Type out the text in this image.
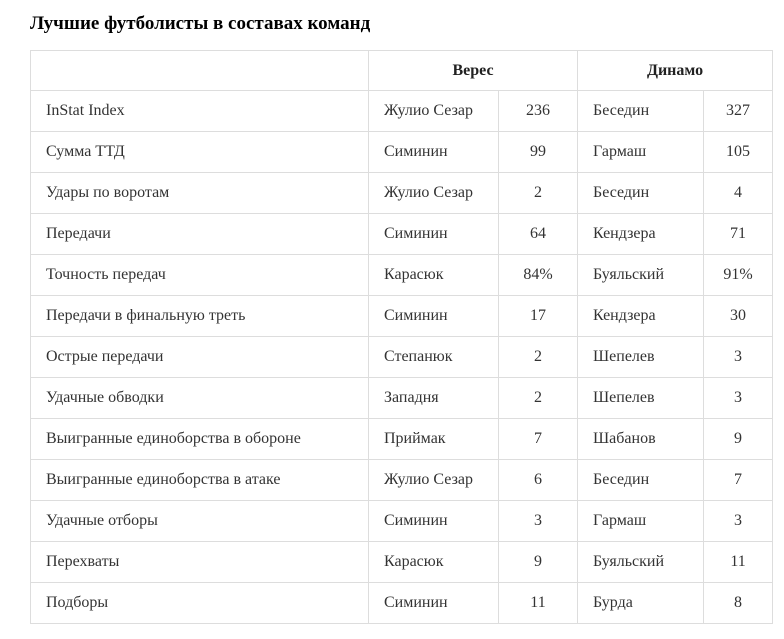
Лучшие футболисты в составах команд
	Верес		Динамо	
InStat Index	Жулио Сезар	236	Беседин	327
Сумма ТТД	Симинин	99	Гармаш	105
Удары по воротам	Жулио Сезар	2	Беседин	4
Передачи	Симинин	64	Кендзера	71
Точность передач	Карасюк	84%	Буяльский	91%
Передачи в финальную треть	Симинин	17	Кендзера	30
Острые передачи	Степанюк	2	Шепелев	3
Удачные обводки	Западня	2	Шепелев	3
Выигранные единоборства в обороне	Приймак	7	Шабанов	9
Выигранные единоборства в атаке	Жулио Сезар	6	Беседин	7
Удачные отборы	Симинин	3	Гармаш	3
Перехваты	Карасюк	9	Буяльский	11
Подборы	Симинин	11	Бурда	8
